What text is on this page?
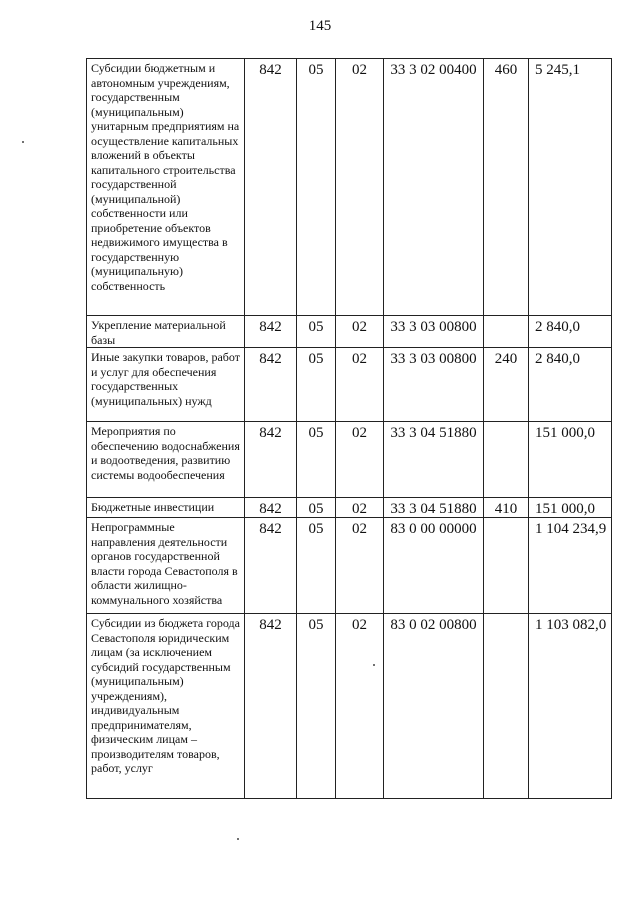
145
Субсидии бюджетным и автономным учреждениям, государственным (муниципальным) унитарным предприятиям на осуществление капитальных вложений в объекты капитального строительства государственной (муниципальной) собственности или приобретение объектов недвижимого имущества в государственную (муниципальную) собственность	842	05	02	33 3 02 00400	460	5 245,1
Укрепление материальной базы	842	05	02	33 3 03 00800		2 840,0
Иные закупки товаров, работ и услуг для обеспечения государственных (муниципальных) нужд	842	05	02	33 3 03 00800	240	2 840,0
Мероприятия по обеспечению водоснабжения и водоотведения, развитию системы водообеспечения	842	05	02	33 3 04 51880		151 000,0
Бюджетные инвестиции	842	05	02	33 3 04 51880	410	151 000,0
Непрограммные направления деятельности органов государственной власти города Севастополя в области жилищно-коммунального хозяйства	842	05	02	83 0 00 00000		1 104 234,9
Субсидии из бюджета города Севастополя юридическим лицам (за исключением субсидий государственным (муниципальным) учреждениям), индивидуальным предпринимателям, физическим лицам – производителям товаров, работ, услуг	842	05	02	83 0 02 00800		1 103 082,0
